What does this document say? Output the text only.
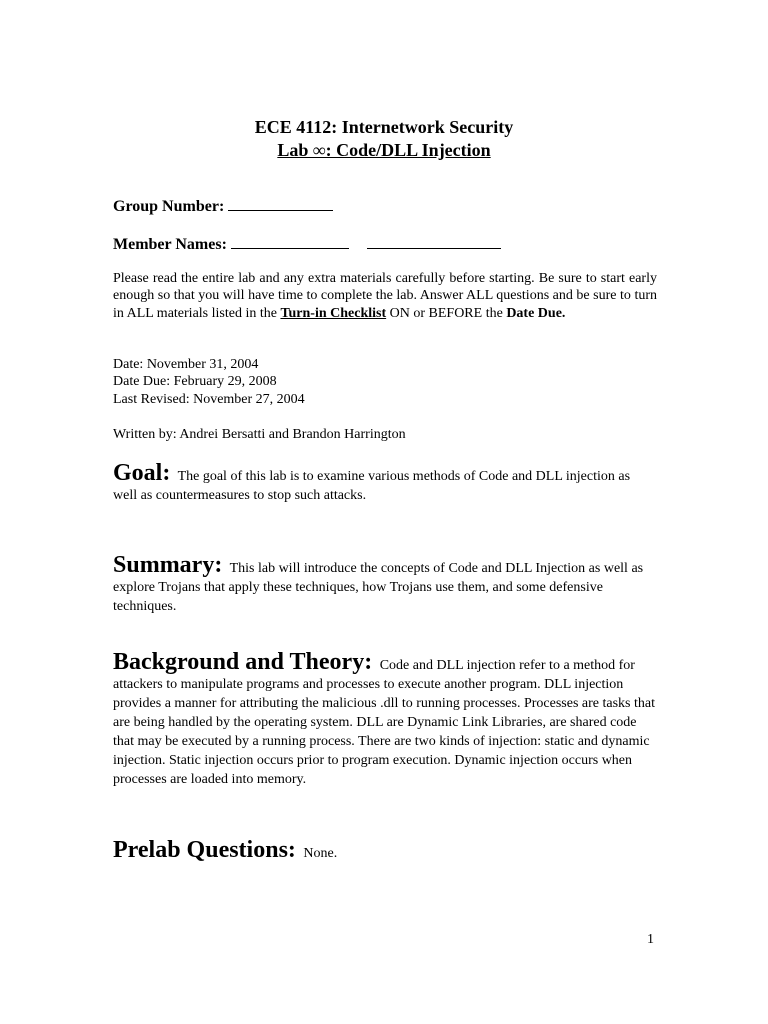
ECE 4112: Internetwork Security
Lab ∞: Code/DLL Injection
Group Number:
Member Names:
Please read the entire lab and any extra materials carefully before starting. Be sure to start early enough so that you will have time to complete the lab. Answer ALL questions and be sure to turn in ALL materials listed in the Turn-in Checklist ON or BEFORE the Date Due.
Date: November 31, 2004
Date Due: February 29, 2008
Last Revised: November 27, 2004
Written by: Andrei Bersatti and Brandon Harrington
Goal: The goal of this lab is to examine various methods of Code and DLL injection as well as countermeasures to stop such attacks.
Summary: This lab will introduce the concepts of Code and DLL Injection as well as explore Trojans that apply these techniques, how Trojans use them, and some defensive techniques.
Background and Theory: Code and DLL injection refer to a method for attackers to manipulate programs and processes to execute another program. DLL injection provides a manner for attributing the malicious .dll to running processes. Processes are tasks that are being handled by the operating system. DLL are Dynamic Link Libraries, are shared code that may be executed by a running process. There are two kinds of injection: static and dynamic injection. Static injection occurs prior to program execution. Dynamic injection occurs when processes are loaded into memory.
Prelab Questions: None.
1
